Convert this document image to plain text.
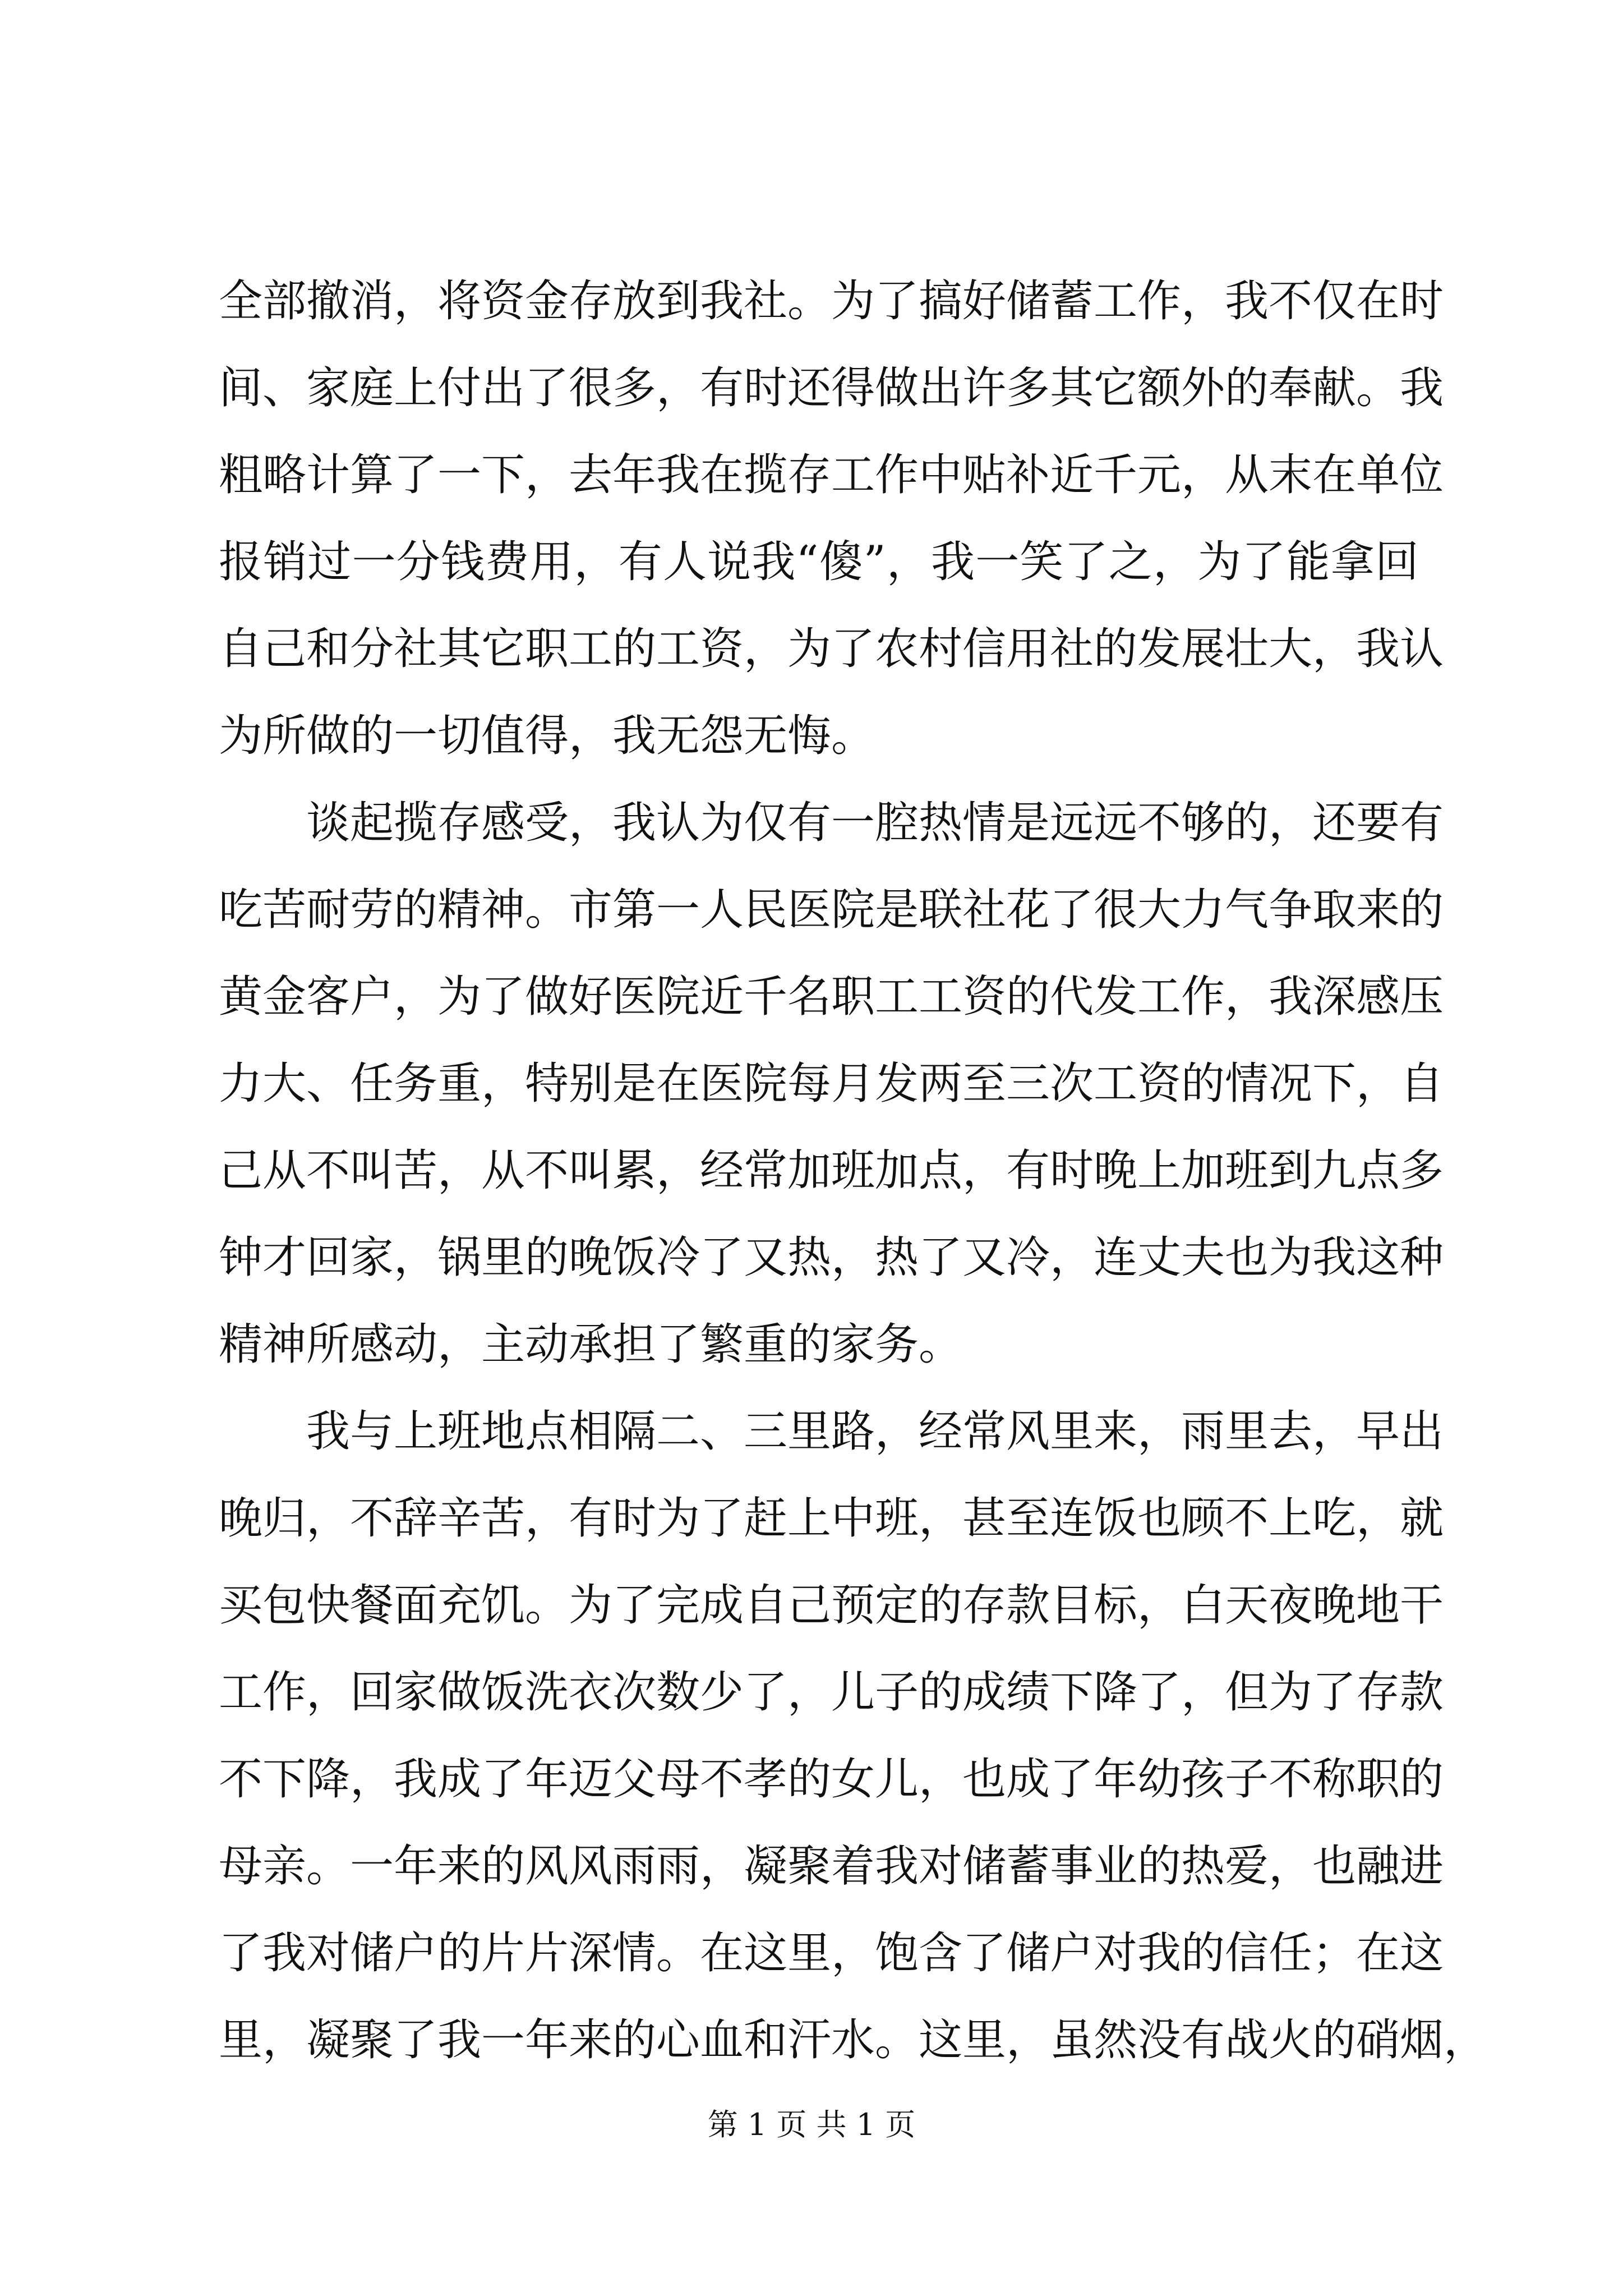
全部撤消，将资金存放到我社。为了搞好储蓄工作，我不仅在时
间、家庭上付出了很多，有时还得做出许多其它额外的奉献。我
粗略计算了一下，去年我在揽存工作中贴补近千元，从末在单位
报销过一分钱费用，有人说我“傻”，我一笑了之，为了能拿回
自己和分社其它职工的工资，为了农村信用社的发展壮大，我认
为所做的一切值得，我无怨无悔。
谈起揽存感受，我认为仅有一腔热情是远远不够的，还要有
吃苦耐劳的精神。市第一人民医院是联社花了很大力气争取来的
黄金客户，为了做好医院近千名职工工资的代发工作，我深感压
力大、任务重，特别是在医院每月发两至三次工资的情况下，自
己从不叫苦，从不叫累，经常加班加点，有时晚上加班到九点多
钟才回家，锅里的晚饭冷了又热，热了又冷，连丈夫也为我这种
精神所感动，主动承担了繁重的家务。
我与上班地点相隔二、三里路，经常风里来，雨里去，早出
晚归，不辞辛苦，有时为了赶上中班，甚至连饭也顾不上吃，就
买包快餐面充饥。为了完成自己预定的存款目标，白天夜晚地干
工作，回家做饭洗衣次数少了，儿子的成绩下降了，但为了存款
不下降，我成了年迈父母不孝的女儿，也成了年幼孩子不称职的
母亲。一年来的风风雨雨，凝聚着我对储蓄事业的热爱，也融进
了我对储户的片片深情。在这里，饱含了储户对我的信任；在这
里，凝聚了我一年来的心血和汗水。这里，虽然没有战火的硝烟，
第 1 页 共 1 页
